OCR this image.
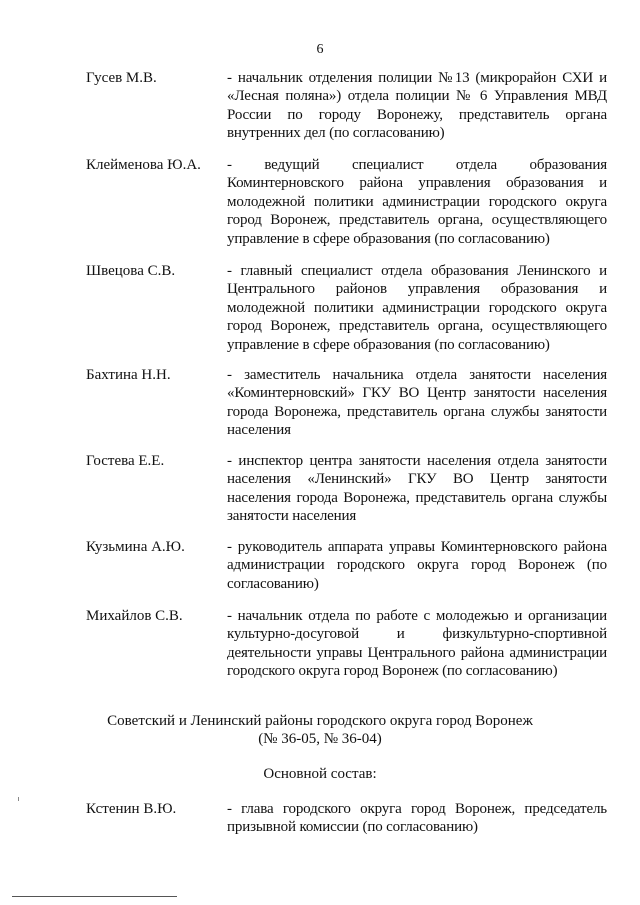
6
Гусев М.В.	- начальник отделения полиции №13 (микрорайон СХИ и «Лесная поляна») отдела полиции № 6 Управления МВД России по городу Воронежу, представитель органа внутренних дел (по согласованию)
Клейменова Ю.А.	- ведущий специалист отдела образования Коминтерновского района управления образования и молодежной политики администрации городского округа город Воронеж, представитель органа, осуществляющего управление в сфере образования (по согласованию)
Швецова С.В.	- главный специалист отдела образования Ленинского и Центрального районов управления образования и молодежной политики администрации городского округа город Воронеж, представитель органа, осуществляющего управление в сфере образования (по согласованию)
Бахтина Н.Н.	- заместитель начальника отдела занятости населения «Коминтерновский» ГКУ ВО Центр занятости населения города Воронежа, представитель органа службы занятости населения
Гостева Е.Е.	- инспектор центра занятости населения отдела занятости населения «Ленинский» ГКУ ВО Центр занятости населения города Воронежа, представитель органа службы занятости населения
Кузьмина А.Ю.	- руководитель аппарата управы Коминтерновского района администрации городского округа город Воронеж (по согласованию)
Михайлов С.В.	- начальник отдела по работе с молодежью и организации культурно-досуговой и физкультурно-спортивной деятельности управы Центрального района администрации городского округа город Воронеж (по согласованию)
Советский и Ленинский районы городского округа город Воронеж
(№ 36-05, № 36-04)
Основной состав:
Кстенин В.Ю.	- глава городского округа город Воронеж, председатель призывной комиссии (по согласованию)
